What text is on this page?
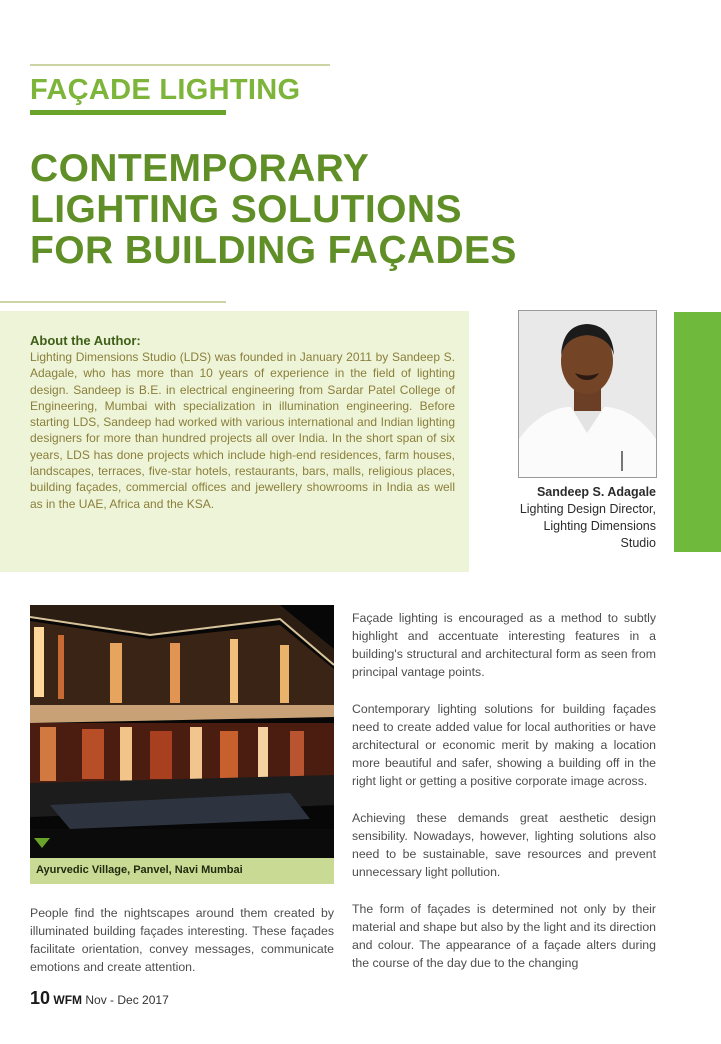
FAÇADE LIGHTING
CONTEMPORARY
LIGHTING SOLUTIONS
FOR BUILDING FAÇADES
About the Author:
Lighting Dimensions Studio (LDS) was founded in January 2011 by Sandeep S. Adagale, who has more than 10 years of experience in the field of lighting design. Sandeep is B.E. in electrical engineering from Sardar Patel College of Engineering, Mumbai with specialization in illumination engineering. Before starting LDS, Sandeep had worked with various international and Indian lighting designers for more than hundred projects all over India. In the short span of six years, LDS has done projects which include high-end residences, farm houses, landscapes, terraces, five-star hotels, restaurants, bars, malls, religious places, building façades, commercial offices and jewellery showrooms in India as well as in the UAE, Africa and the KSA.
Sandeep S. Adagale
Lighting Design Director,
Lighting Dimensions
Studio
Ayurvedic Village, Panvel, Navi Mumbai

Façade lighting is encouraged as a method to subtly highlight and accentuate interesting features in a building's structural and architectural form as seen from principal vantage points.

Contemporary lighting solutions for building façades need to create added value for local authorities or have architectural or economic merit by making a location more beautiful and safer, showing a building off in the right light or getting a positive corporate image across.

Achieving these demands great aesthetic design sensibility. Nowadays, however, lighting solutions also need to be sustainable, save resources and prevent unnecessary light pollution.

The form of façades is determined not only by their material and shape but also by the light and its direction and colour. The appearance of a façade alters during the course of the day due to the changing

People find the nightscapes around them created by illuminated building façades interesting. These façades facilitate orientation, convey messages, communicate emotions and create attention.

10 WFM Nov - Dec 2017
